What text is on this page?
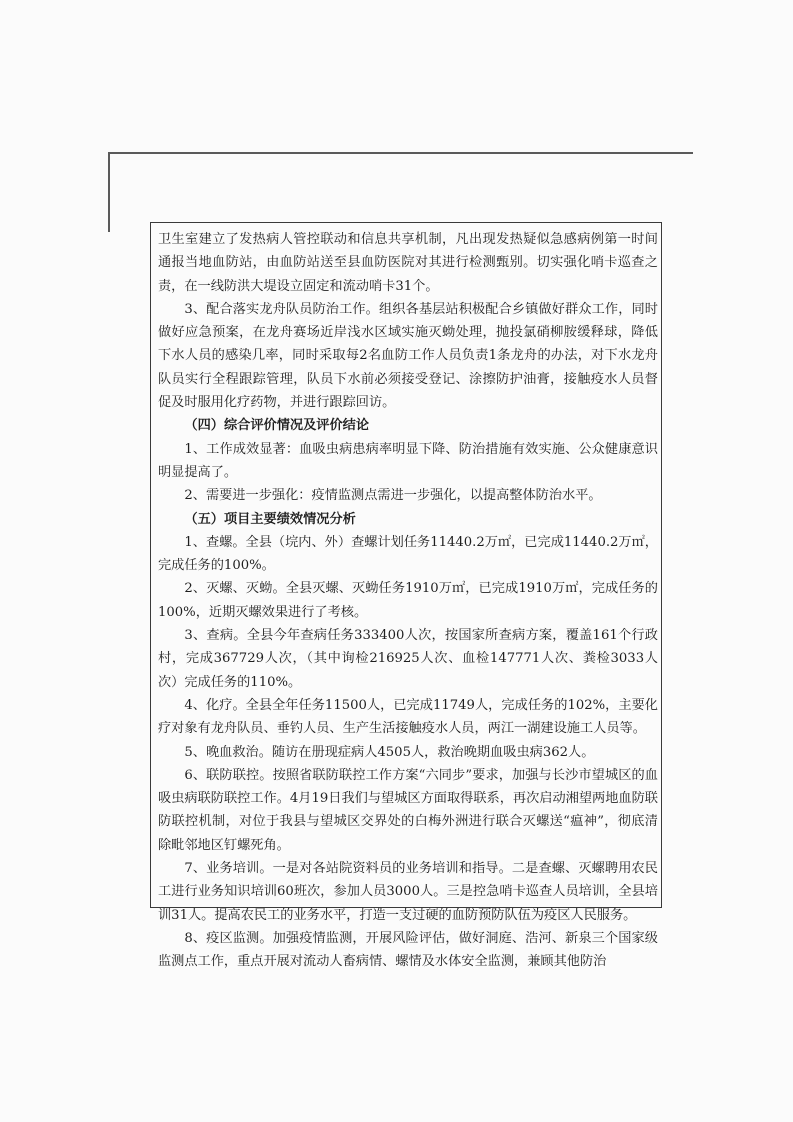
卫生室建立了发热病人管控联动和信息共享机制，凡出现发热疑似急感病例第一时间通报当地血防站，由血防站送至县血防医院对其进行检测甄别。切实强化哨卡巡查之责，在一线防洪大堤设立固定和流动哨卡31个。

3、配合落实龙舟队员防治工作。组织各基层站积极配合乡镇做好群众工作，同时做好应急预案，在龙舟赛场近岸浅水区域实施灭蚴处理，抛投氯硝柳胺缓释球，降低下水人员的感染几率，同时采取每2名血防工作人员负责1条龙舟的办法，对下水龙舟队员实行全程跟踪管理，队员下水前必须接受登记、涂擦防护油膏，接触疫水人员督促及时服用化疗药物，并进行跟踪回访。

（四）综合评价情况及评价结论

1、工作成效显著：血吸虫病患病率明显下降、防治措施有效实施、公众健康意识明显提高了。

2、需要进一步强化：疫情监测点需进一步强化，以提高整体防治水平。

（五）项目主要绩效情况分析

1、查螺。全县（垸内、外）查螺计划任务11440.2万㎡，已完成11440.2万㎡，完成任务的100%。

2、灭螺、灭蚴。全县灭螺、灭蚴任务1910万㎡，已完成1910万㎡，完成任务的100%，近期灭螺效果进行了考核。

3、查病。全县今年查病任务333400人次，按国家所查病方案，覆盖161个行政村，完成367729人次，（其中询检216925人次、血检147771人次、粪检3033人次）完成任务的110%。

4、化疗。全县全年任务11500人，已完成11749人，完成任务的102%，主要化疗对象有龙舟队员、垂钓人员、生产生活接触疫水人员，两江一湖建设施工人员等。

5、晚血救治。随访在册现症病人4505人，救治晚期血吸虫病362人。

6、联防联控。按照省联防联控工作方案“六同步”要求，加强与长沙市望城区的血吸虫病联防联控工作。4月19日我们与望城区方面取得联系，再次启动湘望两地血防联防联控机制，对位于我县与望城区交界处的白梅外洲进行联合灭螺送“瘟神”，彻底清除毗邻地区钉螺死角。

7、业务培训。一是对各站院资料员的业务培训和指导。二是查螺、灭螺聘用农民工进行业务知识培训60班次，参加人员3000人。三是控急哨卡巡查人员培训，全县培训31人。提高农民工的业务水平，打造一支过硬的血防预防队伍为疫区人民服务。

8、疫区监测。加强疫情监测，开展风险评估，做好洞庭、浩河、新泉三个国家级监测点工作，重点开展对流动人畜病情、螺情及水体安全监测，兼顾其他防治
